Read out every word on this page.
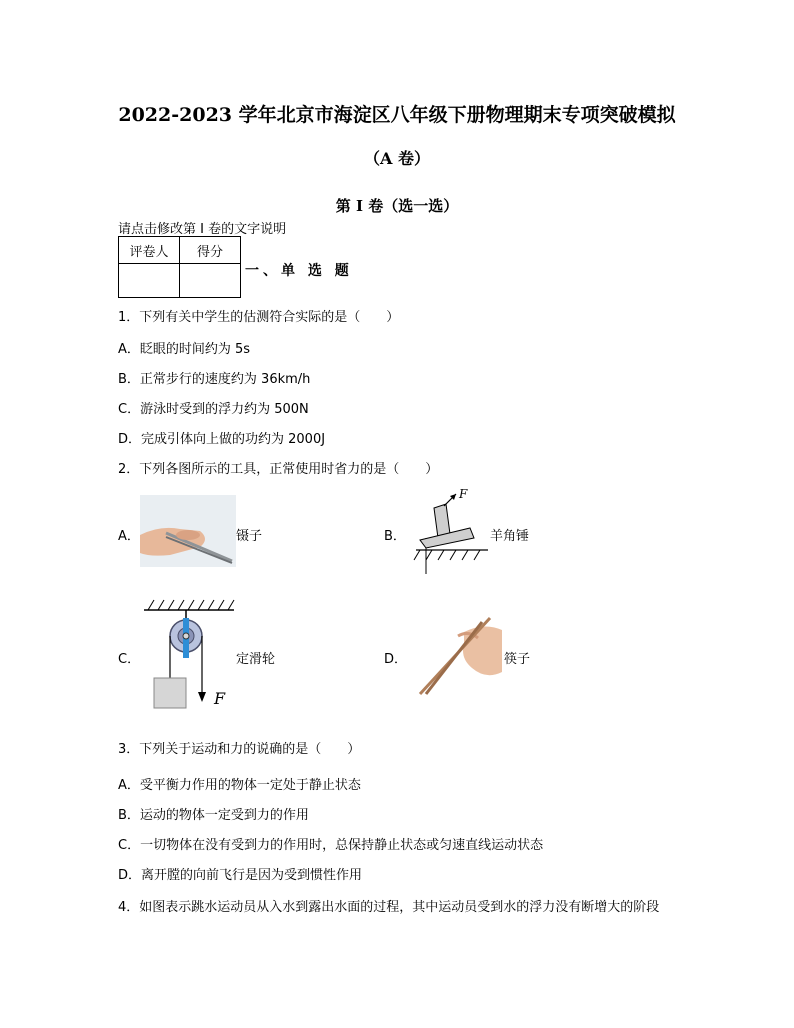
2022-2023 学年北京市海淀区八年级下册物理期末专项突破模拟
（A 卷）
第 I 卷（选一选）
请点击修改第 I 卷的文字说明
评卷人	得分

一、单 选 题
1．下列有关中学生的估测符合实际的是（　　）
A．眨眼的时间约为 5s
B．正常步行的速度约为 36km/h
C．游泳时受到的浮力约为 500N
D．完成引体向上做的功约为 2000J
2．下列各图所示的工具，正常使用时省力的是（　　）
A．	镊子	B．
F
羊角锤
C．
F
定滑轮	D．	筷子
3．下列关于运动和力的说确的是（　　）
A．受平衡力作用的物体一定处于静止状态
B．运动的物体一定受到力的作用
C．一切物体在没有受到力的作用时，总保持静止状态或匀速直线运动状态
D．离开膛的向前飞行是因为受到惯性作用
4．如图表示跳水运动员从入水到露出水面的过程，其中运动员受到水的浮力没有断增大的阶段
